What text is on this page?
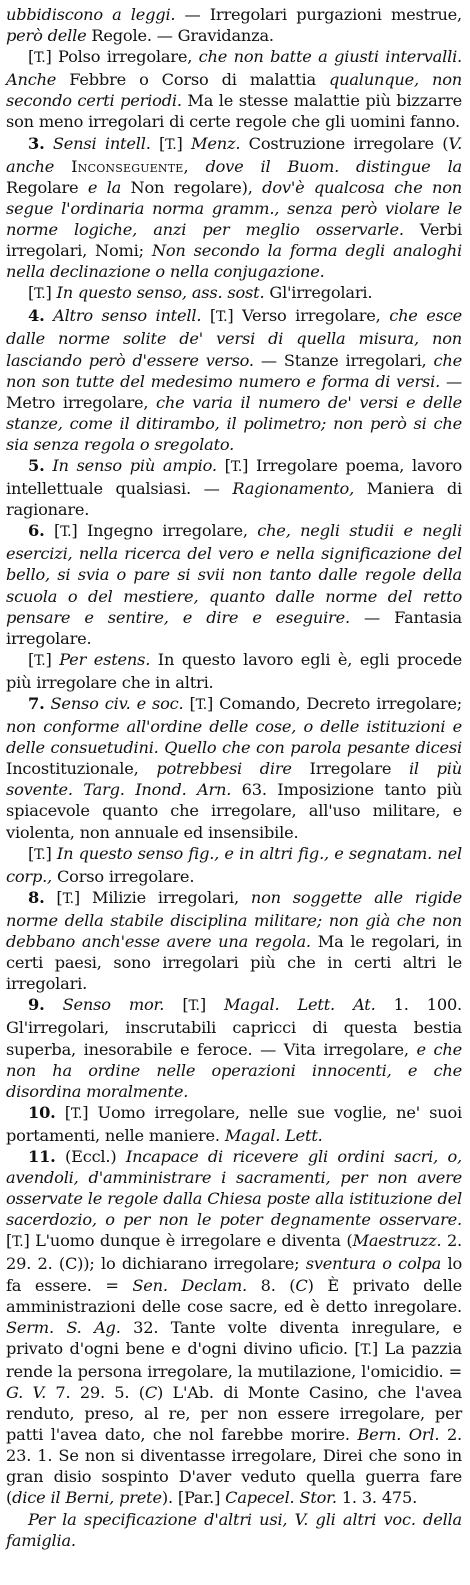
ubbidiscono a leggi. — Irregolari purgazioni mestrue, però delle Regole. — Gravidanza.

[T.] Polso irregolare, che non batte a giusti intervalli. Anche Febbre o Corso di malattia qualunque, non secondo certi periodi. Ma le stesse malattie più bizzarre son meno irregolari di certe regole che gli uomini fanno.

3. Sensi intell. [T.] Menz. Costruzione irregolare (V. anche Inconseguente, dove il Buom. distingue la Regolare e la Non regolare), dov'è qualcosa che non segue l'ordinaria norma gramm., senza però violare le norme logiche, anzi per meglio osservarle. Verbi irregolari, Nomi; Non secondo la forma degli analoghi nella declinazione o nella conjugazione.

[T.] In questo senso, ass. sost. Gl'irregolari.

4. Altro senso intell. [T.] Verso irregolare, che esce dalle norme solite de' versi di quella misura, non lasciando però d'essere verso. — Stanze irregolari, che non son tutte del medesimo numero e forma di versi. — Metro irregolare, che varia il numero de' versi e delle stanze, come il ditirambo, il polimetro; non però si che sia senza regola o sregolato.

5. In senso più ampio. [T.] Irregolare poema, lavoro intellettuale qualsiasi. — Ragionamento, Maniera di ragionare.

6. [T.] Ingegno irregolare, che, negli studii e negli esercizi, nella ricerca del vero e nella significazione del bello, si svia o pare si svii non tanto dalle regole della scuola o del mestiere, quanto dalle norme del retto pensare e sentire, e dire e eseguire. — Fantasia irregolare.

[T.] Per estens. In questo lavoro egli è, egli procede più irregolare che in altri.

7. Senso civ. e soc. [T.] Comando, Decreto irregolare; non conforme all'ordine delle cose, o delle istituzioni e delle consuetudini. Quello che con parola pesante dicesi Incostituzionale, potrebbesi dire Irregolare il più sovente. Targ. Inond. Arn. 63. Imposizione tanto più spiacevole quanto che irregolare, all'uso militare, e violenta, non annuale ed insensibile.

[T.] In questo senso fig., e in altri fig., e segnatam. nel corp., Corso irregolare.

8. [T.] Milizie irregolari, non soggette alle rigide norme della stabile disciplina militare; non già che non debbano anch'esse avere una regola. Ma le regolari, in certi paesi, sono irregolari più che in certi altri le irregolari.

9. Senso mor. [T.] Magal. Lett. At. 1. 100. Gl'irregolari, inscrutabili capricci di questa bestia superba, inesorabile e feroce. — Vita irregolare, e che non ha ordine nelle operazioni innocenti, e che disordina moralmente.

10. [T.] Uomo irregolare, nelle sue voglie, ne' suoi portamenti, nelle maniere. Magal. Lett.

11. (Eccl.) Incapace di ricevere gli ordini sacri, o, avendoli, d'amministrare i sacramenti, per non avere osservate le regole dalla Chiesa poste alla istituzione del sacerdozio, o per non le poter degnamente osservare. [T.] L'uomo dunque è irregolare e diventa (Maestruzz. 2. 29. 2. (C)); lo dichiarano irregolare; sventura o colpa lo fa essere. = Sen. Declam. 8. (C) È privato delle amministrazioni delle cose sacre, ed è detto inregolare. Serm. S. Ag. 32. Tante volte diventa inregulare, e privato d'ogni bene e d'ogni divino uficio. [T.] La pazzia rende la persona irregolare, la mutilazione, l'omicidio. = G. V. 7. 29. 5. (C) L'Ab. di Monte Casino, che l'avea renduto, preso, al re, per non essere irregolare, per patti l'avea dato, che nol farebbe morire. Bern. Orl. 2. 23. 1. Se non si diventasse irregolare, Direi che sono in gran disio sospinto D'aver veduto quella guerra fare (dice il Berni, prete). [Par.] Capecel. Stor. 1. 3. 475.

Per la specificazione d'altri usi, V. gli altri voc. della famiglia.
